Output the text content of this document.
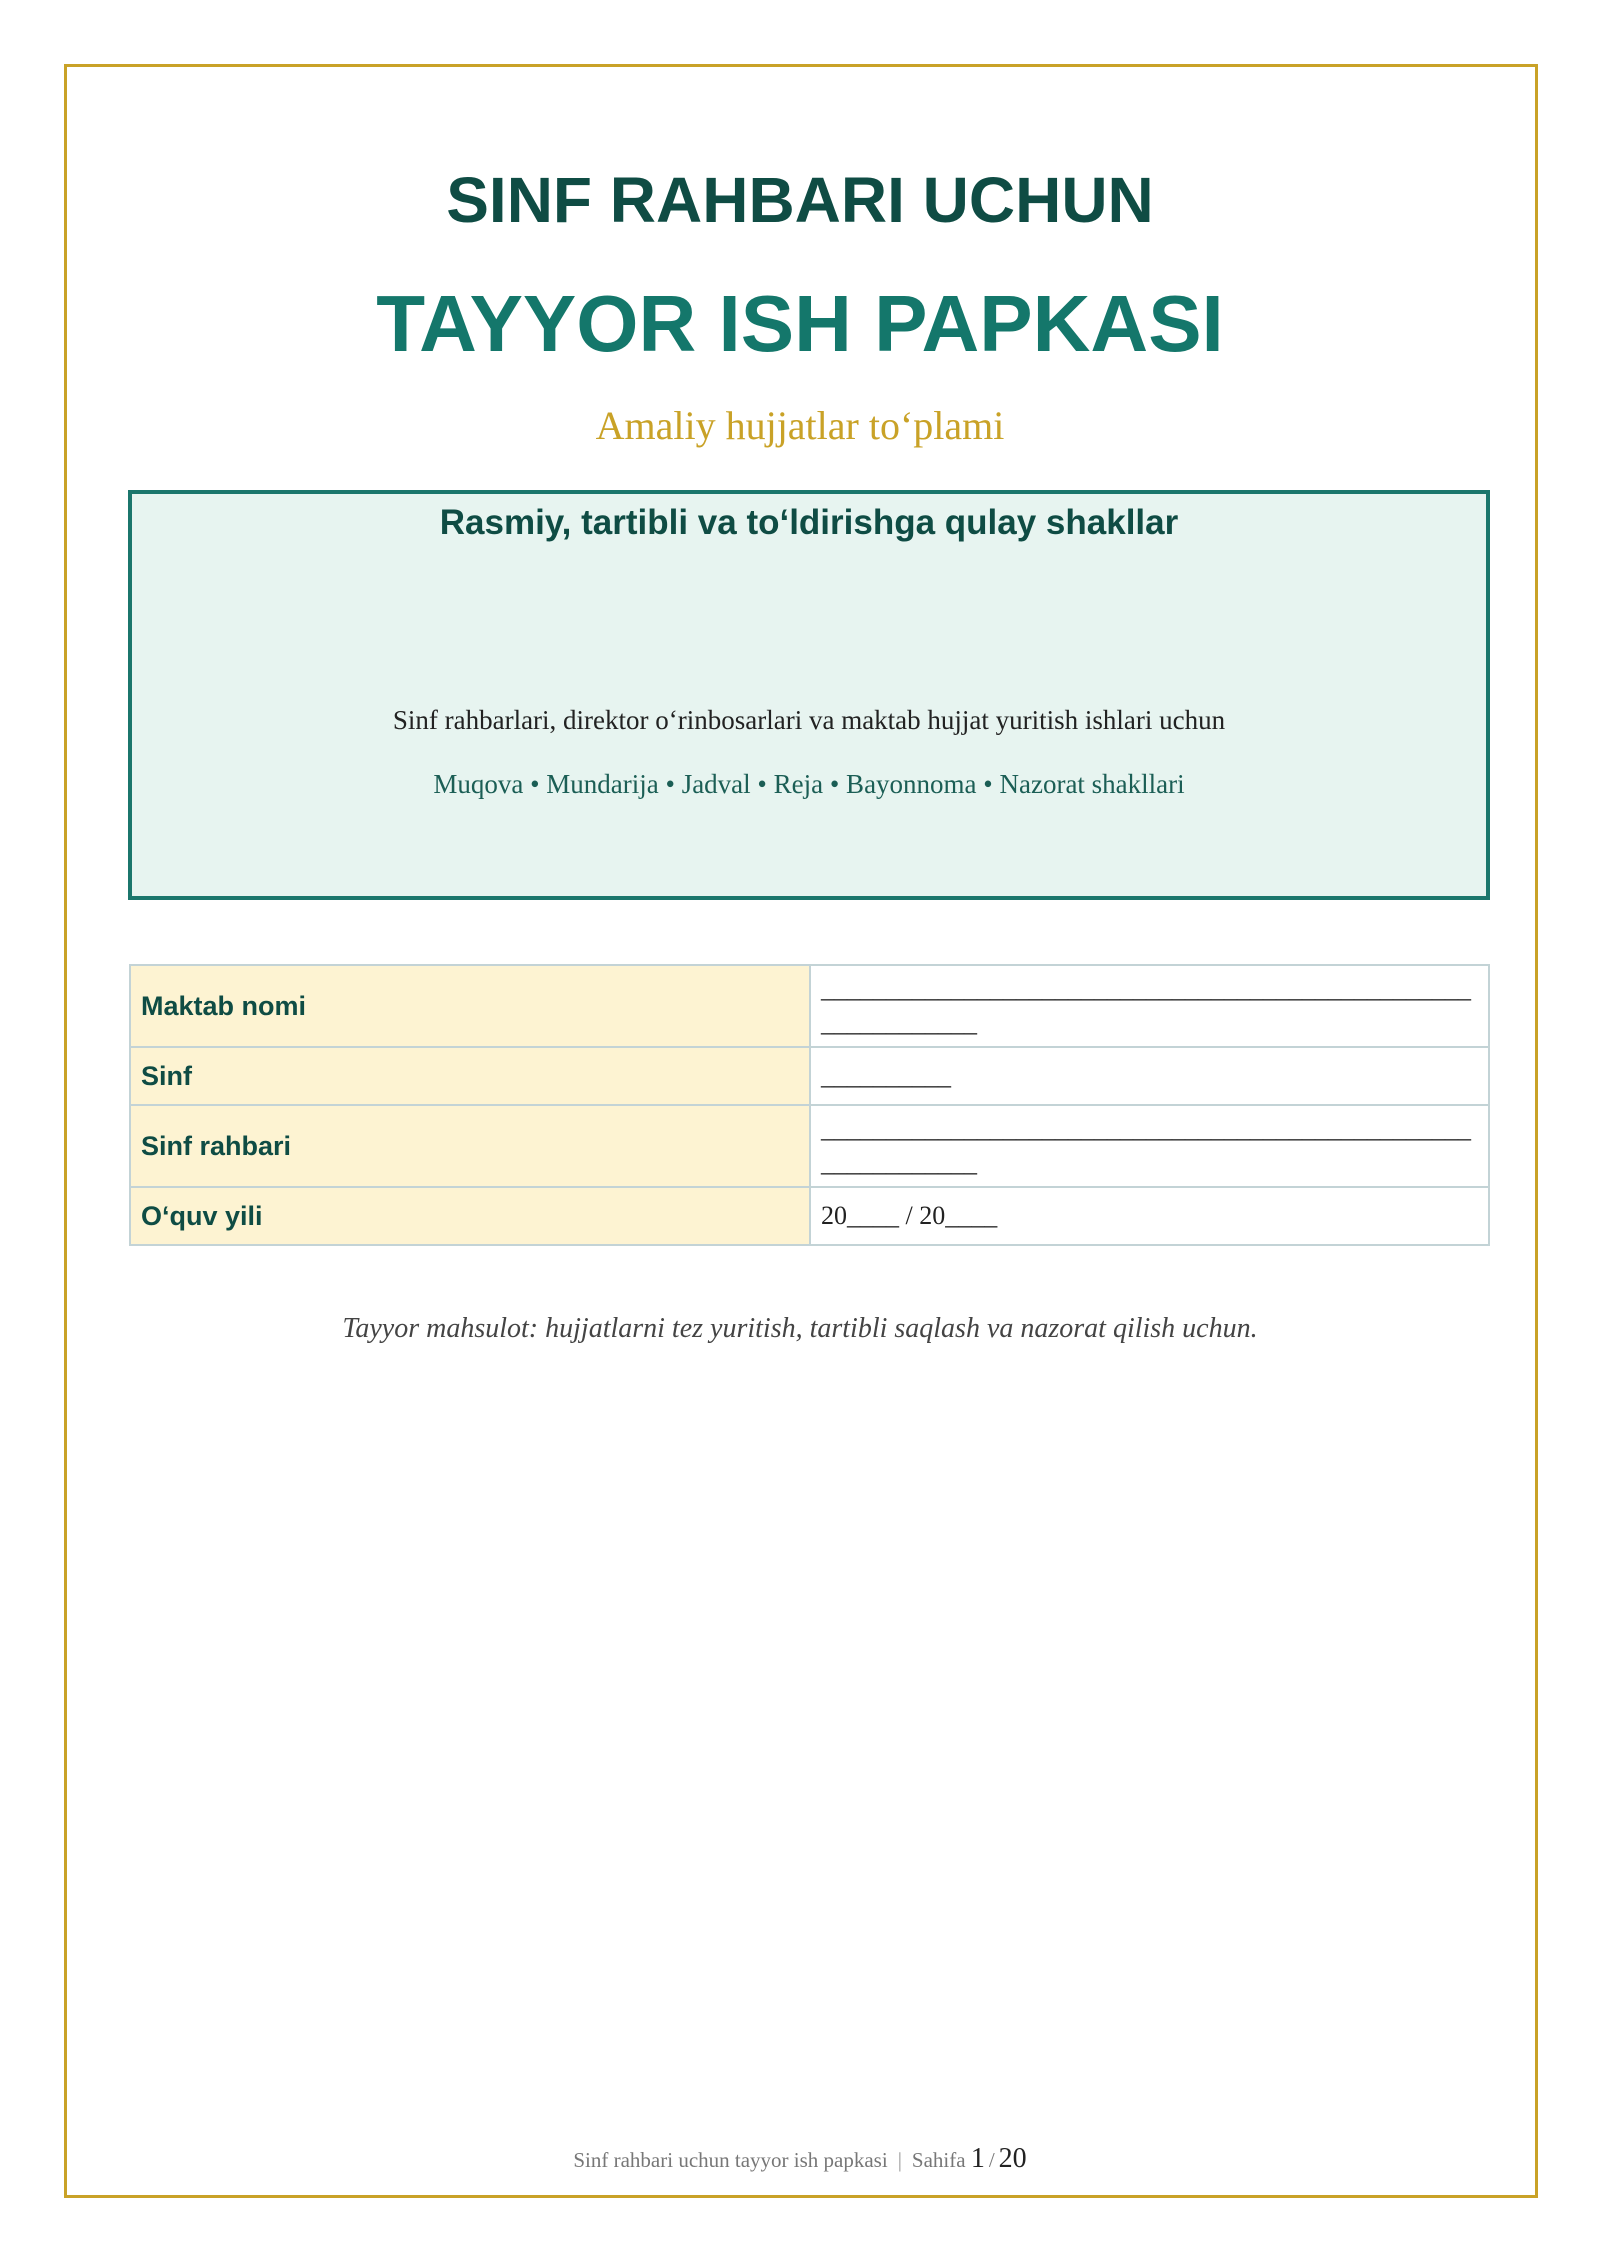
SINF RAHBARI UCHUN
TAYYOR ISH PAPKASI

Amaliy hujjatlar to‘plami

Rasmiy, tartibli va to‘ldirishga qulay shakllar
Sinf rahbarlari, direktor o‘rinbosarlari va maktab hujjat yuritish ishlari uchun
Muqova • Mundarija • Jadval • Reja • Bayonnoma • Nazorat shakllari
Maktab nomi	______________________________________________________________
Sinf	__________
Sinf rahbari	______________________________________________________________
O‘quv yili	20____ / 20____

Tayyor mahsulot: hujjatlarni tez yuritish, tartibli saqlash va nazorat qilish uchun.

Sinf rahbari uchun tayyor ish papkasi | Sahifa 1 / 20
